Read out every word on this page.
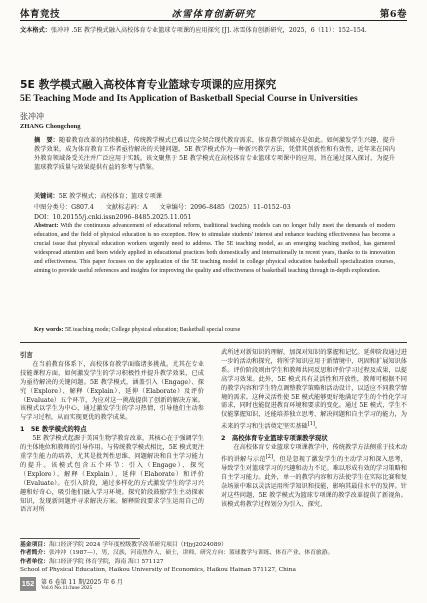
体育竞技	冰雪体育创新研究	第6卷
文本格式：张冲冲 .5E 教学模式融入高校体育专业篮球专项课的应用探究 [J]. 冰雪体育创新研究，2025，6（11）：152–154.
5E 教学模式融入高校体育专业篮球专项课的应用探究
5E Teaching Mode and Its Application of Basketball Special Course in Universities
张冲冲
ZHANG Chongchong
摘　要：随着教育改革的持续推进，传统教学模式已难以完全契合现代教育需求，体育教学领域亦是如此。如何激发学生兴趣、提升教学效果，成为体育教育工作者亟待解决的关键问题。5E 教学模式作为一种新兴教学方法，凭借其创新性和有效性，近年来在国内外教育领域备受关注并广泛应用于实践。该文聚焦于 5E 教学模式在高校体育专业篮球专项课中的应用，旨在通过深入探讨，为提升篮球教学质量与效果提供有益的参考与借鉴。
关键词：5E 教学模式；高校体育；篮球专项课
中图分类号：G807.4 文献标志码：A 文章编号：2096–8485（2025）11–0152–03
DOI：10.20155/j.cnki.issn2096–8485.2025.11.051
Abstract: With the continuous advancement of educational reform, traditional teaching models can no longer fully meet the demands of modern education, and the field of physical education is no exception. How to stimulate students' interest and enhance teaching effectiveness has become a crucial issue that physical education workers urgently need to address. The 5E teaching model, as an emerging teaching method, has garnered widespread attention and been widely applied in educational practices both domestically and internationally in recent years, thanks to its innovation and effectiveness. This paper focuses on the application of the 5E teaching model in college physical education basketball specialization courses, aiming to provide useful references and insights for improving the quality and effectiveness of basketball teaching through in-depth exploration.
Key words: 5E teaching mode; College physical education; Basketball special course
引言

在当前教育体系下，高校体育教学面临诸多挑战。尤其在专业技能课程方面，如何激发学生的学习积极性并提升教学效果，已成为亟待解决的关键问题。5E 教学模式，涵盖引入（Engage）、探究（Explore）、解释（Explain）、延伸（Elaborate）及评价（Evaluate）五个环节，为应对这一挑战提供了创新的解决方案。该模式以学生为中心，通过激发学生的学习热情，引导他们主动参与学习过程，从而实现更优的教学成果。

1　5E 教学模式的特点

5E 教学模式起源于美国生物学教育改革，其核心在于强调学生的主体地位和教师的引导作用。与传统教学模式相比，5E 模式更注重学生能力的培养，尤其是批判性思维、问题解决和自主学习能力的提升。该模式包含五个环节：引入（Engage）、探究（Explore）、解释（Explain）、延伸（Elaborate）和评价（Evaluate）。在引入阶段，通过多样化的方式激发学生的学习兴趣和好奇心，吸引他们融入学习环境。探究阶段鼓励学生主动探索知识，发现新问题并寻求解决方案。解释阶段要求学生运用自己的语言对所

武所述对新知识的理解，加深对知识的掌握和记忆。延伸阶段通过进一步的活动和探究，将所学知识应用于新情境中，巩固和扩展知识体系。评价阶段则由学生和教师共同反思和评价学习过程及成果，以提高学习效果。此外，5E 模式具有灵活性和开放性，教师可根据不同的教学内容和学生特点调整教学策略和活动设计，以适应不同教学情境的需求。这种灵活性使 5E 模式能够更好地满足学生的个性化学习需求，同时也能促进教育环境和要求的变化。通过 5E 模式，学生不仅能掌握知识，还能培养独立思考、解决问题和自主学习的能力，为未来的学习和生活奠定坚实基础[1]。

2　高校体育专业篮球专项课教学现状

在高校体育专业篮球专项课教学中，传统教学方法侧重于技术动作的讲解与示范[2]。但是忽视了激发学生的主动学习和深入思考，导致学生对篮球学习的兴趣和动力不足。难以形成有效的学习策略和自主学习能力。此外，单一的教学内容和方法使学生在实际比赛和复杂场景中难以灵活运用所学知识和技能，影响其最佳水平的发挥。针对这些问题，5E 教学模式为篮球专项课的教学改革提供了新视角。该模式将教学过程划分为引入、探究、

基金项目：海口经济学院 2024 学年度校级教学改革研究项目（Hjyj2024089）
作者简介：张冲冲（1987—），男，汉族，河南焦作人，硕士，讲师，研究方向：篮球教学与训练、体育产业、体育旅游。
作者单位：海口经济学院 体育学院，海南 海口 571127
School of Physical Education, Haikou University of Economics, Haikou Hainan 571127, China
152 第 6 卷第 11 期/2025 年 6 月
Vol.6 No.11/June 2025
